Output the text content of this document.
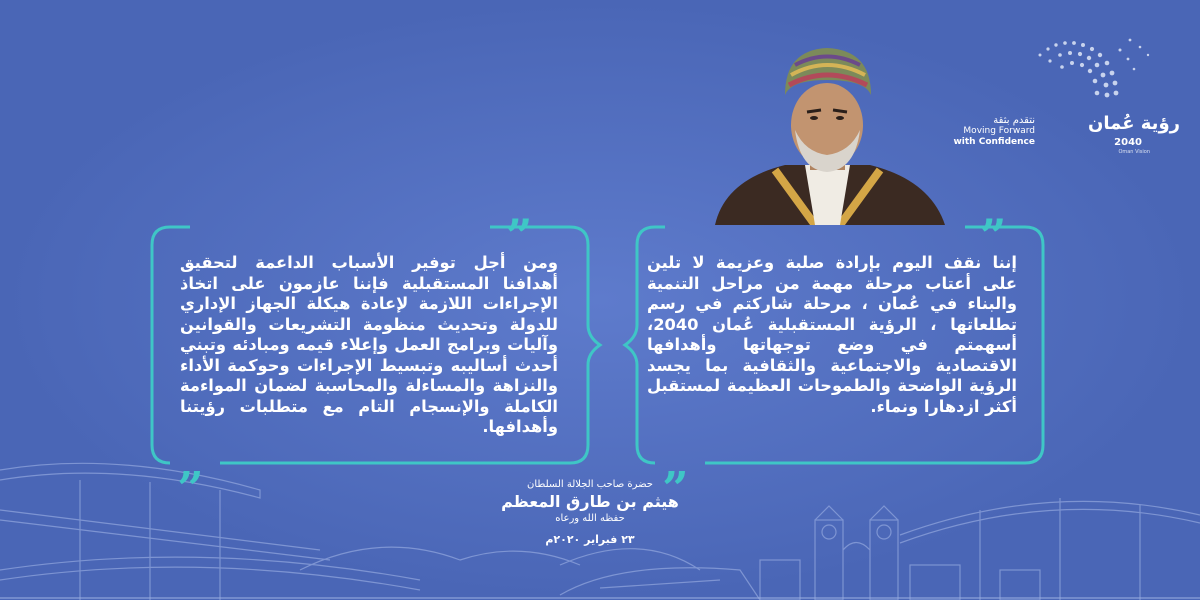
نتقدم بثقة
Moving Forward
with Confidence
رؤية عُمان
2040
Oman Vision
”
ومن أجل توفير الأسباب الداعمة لتحقيق أهدافنا المستقبلية فإننا عازمون على اتخاذ الإجراءات اللازمة لإعادة هيكلة الجهاز الإداري للدولة وتحديث منظومة التشريعات والقوانين وآليات وبرامج العمل وإعلاء قيمه ومبادئه وتبني أحدث أساليبه وتبسيط الإجراءات وحوكمة الأداء والنزاهة والمساءلة والمحاسبة لضمان المواءمة الكاملة والإنسجام التام مع متطلبات رؤيتنا وأهدافها.
„
”
إننا نقف اليوم بإرادة صلبة وعزيمة لا تلين على أعتاب مرحلة مهمة من مراحل التنمية والبناء في عُمان ، مرحلة شاركتم في رسم تطلعاتها ، الرؤية المستقبلية عُمان 2040، أسهمتم في وضع توجهاتها وأهدافها الاقتصادية والاجتماعية والثقافية بما يجسد الرؤية الواضحة والطموحات العظيمة لمستقبل أكثر ازدهارا ونماء.
„
حضرة صاحب الجلالة السلطان
هيثم بن طارق المعظم
حفظه الله ورعاه
٢٣ فبراير ٢٠٢٠م
